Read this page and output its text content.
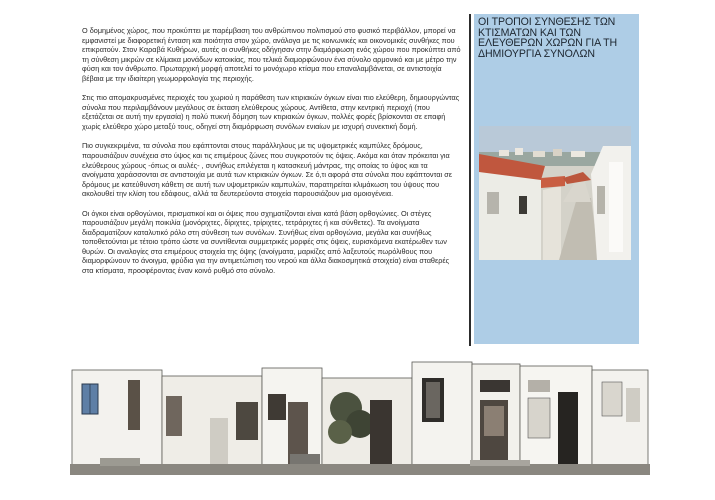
Ο δομημένος χώρος, που προκύπτει με παρέμβαση του ανθρώπινου πολιτισμού στο φυσικό περιβάλλον, μπορεί να εμφανιστεί με διαφορετική ένταση και ποιότητα στον χώρο, ανάλογα με τις κοινωνικές και οικονομικές συνθήκες που επικρατούν. Στον Καραβά Κυθήρων, αυτές οι συνθήκες οδήγησαν στην διαμόρφωση ενός χώρου που προκύπτει από τη σύνθεση μικρών σε κλίμακα μονάδων κατοικίας, που τελικά διαμορφώνουν ένα σύνολο αρμονικό και με μέτρο την φύση και τον άνθρωπο. Πρωταρχική μορφή αποτελεί το μονόχωρο κτίσμα που επαναλαμβάνεται, σε αντιστοιχία βέβαια με την ιδιαίτερη γεωμορφολογία της περιοχής.

Στις πιο απομακρυσμένες περιοχές του χωριού η παράθεση των κτιριακών όγκων είναι πιο ελεύθερη, δημιουργώντας σύνολα που περιλαμβάνουν μεγάλους σε έκταση ελεύθερους χώρους. Αντίθετα, στην κεντρική περιοχή (που εξετάζεται σε αυτή την εργασία) η πολύ πυκνή δόμηση των κτιριακών όγκων, πολλές φορές βρίσκονται σε επαφή χωρίς ελεύθερο χώρο μεταξύ τους, οδηγεί στη διαμόρφωση συνόλων ενιαίων με ισχυρή συνεκτική δομή.

Πιο συγκεκριμένα, τα σύνολα που εφάπτονται στους παράλληλους με τις υψομετρικές καμπύλες δρόμους, παρουσιάζουν συνέχεια στο ύψος και τις επιμέρους ζώνες που συγκροτούν τις όψεις. Ακόμα και όταν πρόκειται για ελεύθερους χώρους -όπως οι αυλές- , συνήθως επιλέγεται η κατασκευή μάντρας, της οποίας το ύψος και τα ανοίγματα χαράσσονται σε αντιστοιχία με αυτά των κτιριακών όγκων. Σε ό,τι αφορά στα σύνολα που εφάπτονται σε δρόμους με κατεύθυνση κάθετη σε αυτή των υψομετρικών καμπυλών, παρατηρείται κλιμάκωση του ύψους που ακολουθεί την κλίση του εδάφους, αλλά τα δευτερεύοντα στοιχεία παρουσιάζουν μια ομοιογένεια.

Οι όγκοι είναι ορθογώνιοι, πρισματικοί και οι όψεις που σχηματίζονται είναι κατά βάση ορθογώνιες. Οι στέγες παρουσιάζουν μεγάλη ποικιλία (μονόριχτες, δίριχτες, τρίριχτες, τετράριχτες ή και σύνθετες). Τα ανοίγματα διαδραματίζουν καταλυτικό ρόλο στη σύνθεση των συνόλων. Συνήθως είναι ορθογώνια, μεγάλα και συνήθως τοποθετούνται με τέτοιο τρόπο ώστε να συντίθενται συμμετρικές μορφές στις όψεις, ευρισκόμενα εκατέρωθεν των θυρών. Οι αναλογίες στα επιμέρους στοιχεία της όψης (ανοίγματα, μαρκίζες από λαξευτούς πωρόλιθους που διαμορφώνουν το άνοιγμα, φρύδια για την αντιμετώπιση του νερού και άλλα διακοσμητικά στοιχεία) είναι σταθερές στα κτίσματα, προσφέροντας έναν κοινό ρυθμό στο σύνολο.

ΟΙ ΤΡΟΠΟΙ ΣΥΝΘΕΣΗΣ ΤΩΝ ΚΤΙΣΜΑΤΩΝ ΚΑΙ ΤΩΝ ΕΛΕΥΘΕΡΩΝ ΧΩΡΩΝ ΓΙΑ ΤΗ ΔΗΜΙΟΥΡΓΙΑ ΣΥΝΟΛΩΝ
